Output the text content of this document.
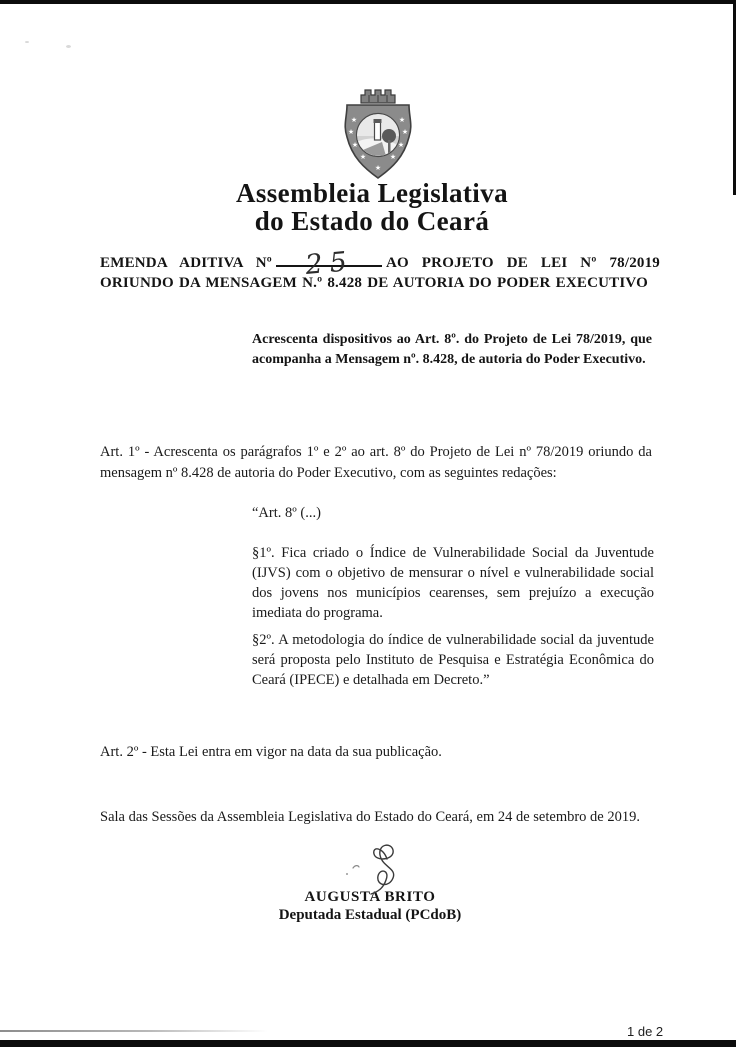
★
★
★
★
★
★
★
★
★
Assembleia Legislativa
do Estado do Ceará
EMENDA ADITIVA Nº	25	AO PROJETO DE LEI Nº 78/2019
ORIUNDO DA MENSAGEM N.º 8.428 DE AUTORIA DO PODER EXECUTIVO
Acrescenta dispositivos ao Art. 8º. do Projeto de Lei 78/2019, que acompanha a Mensagem nº. 8.428, de autoria do Poder Executivo.
Art. 1º - Acrescenta os parágrafos 1º e 2º ao art. 8º do Projeto de Lei nº 78/2019 oriundo da mensagem nº 8.428 de autoria do Poder Executivo, com as seguintes redações:
“Art. 8º (...)
§1º. Fica criado o Índice de Vulnerabilidade Social da Juventude (IJVS) com o objetivo de mensurar o nível e vulnerabilidade social dos jovens nos municípios cearenses, sem prejuízo a execução imediata do programa.
§2º. A metodologia do índice de vulnerabilidade social da juventude será proposta pelo Instituto de Pesquisa e Estratégia Econômica do Ceará (IPECE) e detalhada em Decreto.”
Art. 2º - Esta Lei entra em vigor na data da sua publicação.
Sala das Sessões da Assembleia Legislativa do Estado do Ceará, em 24 de setembro de 2019.
AUGUSTA BRITO
Deputada Estadual (PCdoB)
1 de 2
